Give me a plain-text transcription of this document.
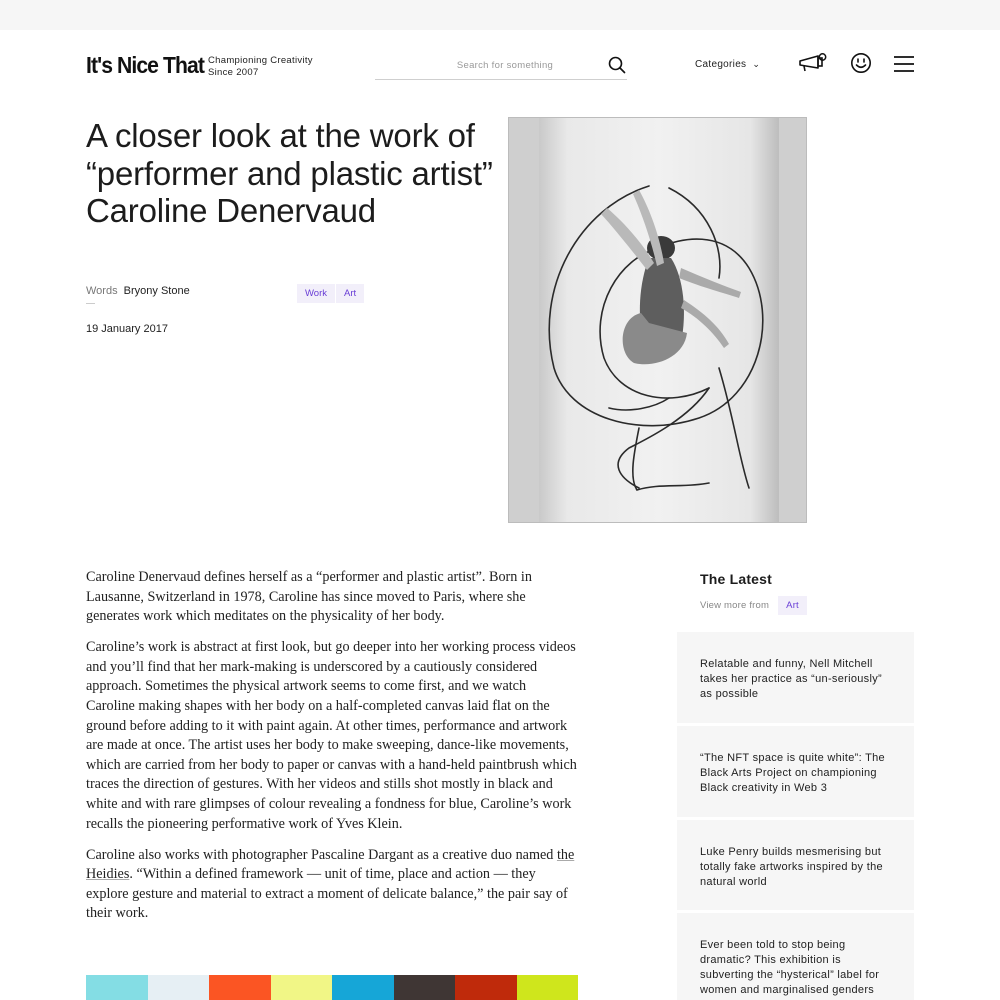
It's Nice That Championing Creativity
Since 2007
Search for something
Categories ⌄
A closer look at the work of “performer and plastic artist” Caroline Denervaud
Words Bryony Stone
19 January 2017
Work	Art

Caroline Denervaud defines herself as a “performer and plastic artist”. Born in Lausanne, Switzerland in 1978, Caroline has since moved to Paris, where she generates work which meditates on the physicality of her body.

Caroline’s work is abstract at first look, but go deeper into her working process videos and you’ll find that her mark-making is underscored by a cautiously considered approach. Sometimes the physical artwork seems to come first, and we watch Caroline making shapes with her body on a half-completed canvas laid flat on the ground before adding to it with paint again. At other times, performance and artwork are made at once. The artist uses her body to make sweeping, dance-like movements, which are carried from her body to paper or canvas with a hand-held paintbrush which traces the direction of gestures. With her videos and stills shot mostly in black and white and with rare glimpses of colour revealing a fondness for blue, Caroline’s work recalls the pioneering performative work of Yves Klein.

Caroline also works with photographer Pascaline Dargant as a creative duo named the Heidies. “Within a defined framework — unit of time, place and action — they explore gesture and material to extract a moment of delicate balance,” the pair say of their work.

The Latest
View more from	Art
Relatable and funny, Nell Mitchell takes her practice as “un-seriously” as possible
“The NFT space is quite white”: The Black Arts Project on championing Black creativity in Web 3
Luke Penry builds mesmerising but totally fake artworks inspired by the natural world
Ever been told to stop being dramatic? This exhibition is subverting the “hysterical” label for women and marginalised genders
